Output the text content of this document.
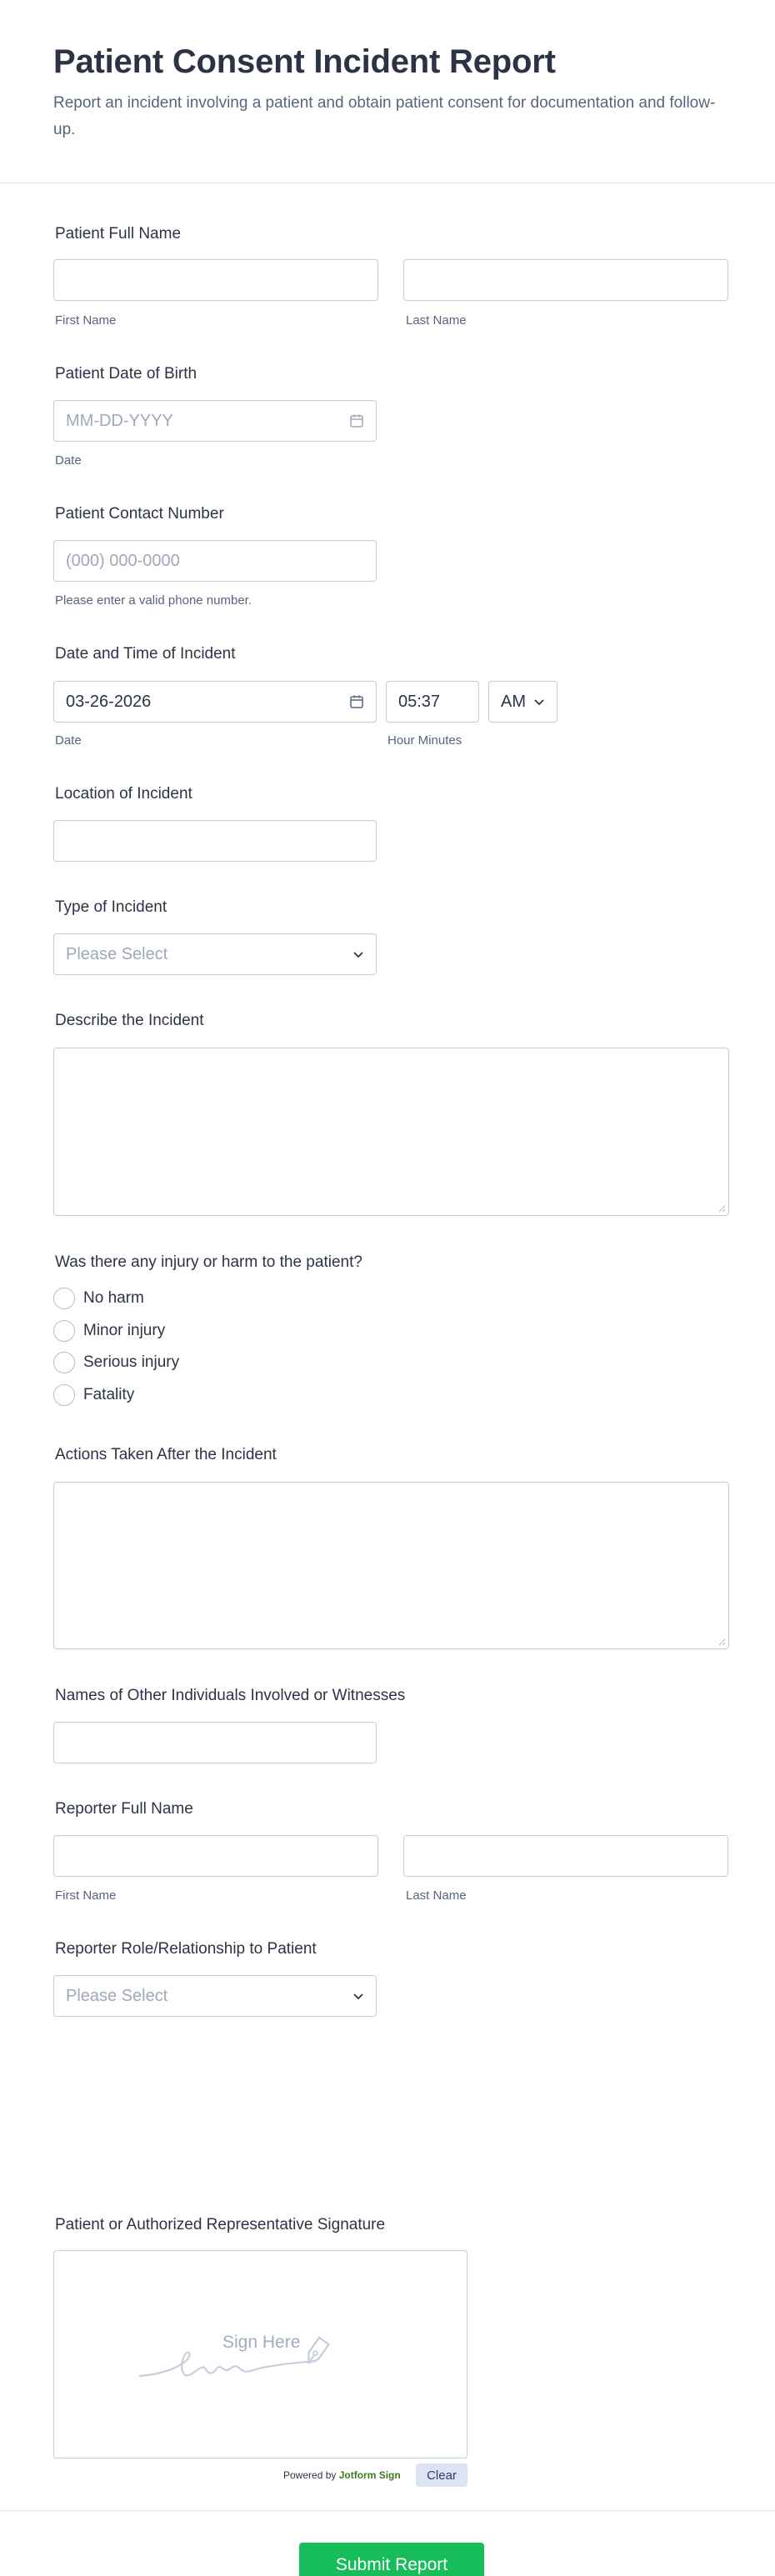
Patient Consent Incident Report

Report an incident involving a patient and obtain patient consent for documentation and follow-up.

Patient Full Name
First Name	Last Name
Patient Date of Birth
MM-DD-YYYY
Date
Patient Contact Number
(000) 000-0000
Please enter a valid phone number.
Date and Time of Incident
03-26-2026	05:37	AM
Date	Hour Minutes
Location of Incident
Type of Incident
Please Select
Describe the Incident
Was there any injury or harm to the patient?
No harm
Minor injury
Serious injury
Fatality
Actions Taken After the Incident
Names of Other Individuals Involved or Witnesses
Reporter Full Name
First Name	Last Name
Reporter Role/Relationship to Patient
Please Select
Patient or Authorized Representative Signature
Sign Here
Powered by Jotform Sign	Clear
Submit Report
